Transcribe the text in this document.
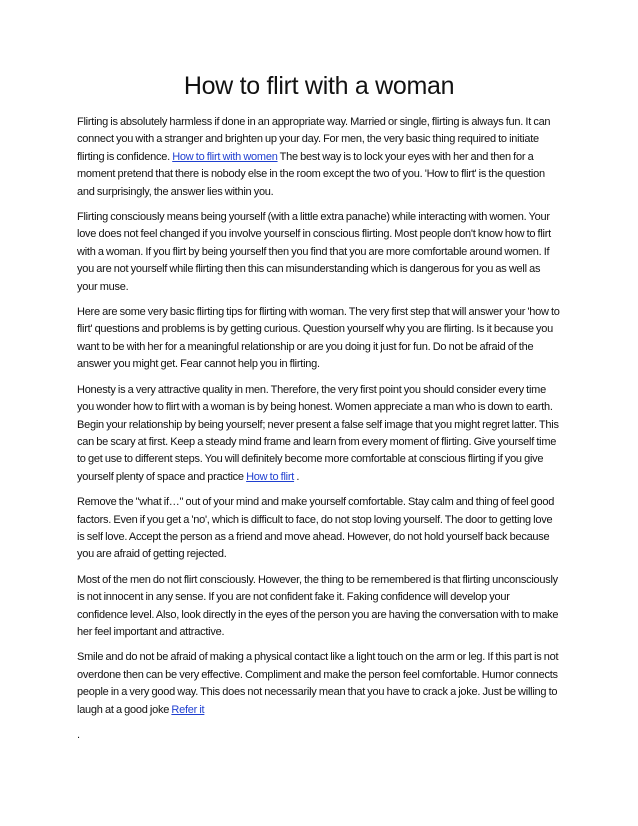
How to flirt with a woman

Flirting is absolutely harmless if done in an appropriate way. Married or single, flirting is always fun. It can connect you with a stranger and brighten up your day. For men, the very basic thing required to initiate flirting is confidence. How to flirt with women The best way is to lock your eyes with her and then for a moment pretend that there is nobody else in the room except the two of you. 'How to flirt' is the question and surprisingly, the answer lies within you.

Flirting consciously means being yourself (with a little extra panache) while interacting with women. Your love does not feel changed if you involve yourself in conscious flirting. Most people don't know how to flirt with a woman. If you flirt by being yourself then you find that you are more comfortable around women. If you are not yourself while flirting then this can misunderstanding which is dangerous for you as well as your muse.

Here are some very basic flirting tips for flirting with woman. The very first step that will answer your 'how to flirt' questions and problems is by getting curious. Question yourself why you are flirting. Is it because you want to be with her for a meaningful relationship or are you doing it just for fun. Do not be afraid of the answer you might get. Fear cannot help you in flirting.

Honesty is a very attractive quality in men. Therefore, the very first point you should consider every time you wonder how to flirt with a woman is by being honest. Women appreciate a man who is down to earth. Begin your relationship by being yourself; never present a false self image that you might regret latter. This can be scary at first. Keep a steady mind frame and learn from every moment of flirting. Give yourself time to get use to different steps. You will definitely become more comfortable at conscious flirting if you give yourself plenty of space and practice How to flirt .

Remove the "what if…" out of your mind and make yourself comfortable. Stay calm and thing of feel good factors. Even if you get a 'no', which is difficult to face, do not stop loving yourself. The door to getting love is self love. Accept the person as a friend and move ahead. However, do not hold yourself back because you are afraid of getting rejected.

Most of the men do not flirt consciously. However, the thing to be remembered is that flirting unconsciously is not innocent in any sense. If you are not confident fake it. Faking confidence will develop your confidence level. Also, look directly in the eyes of the person you are having the conversation with to make her feel important and attractive.

Smile and do not be afraid of making a physical contact like a light touch on the arm or leg. If this part is not overdone then can be very effective. Compliment and make the person feel comfortable. Humor connects people in a very good way. This does not necessarily mean that you have to crack a joke. Just be willing to laugh at a good joke Refer it

.
